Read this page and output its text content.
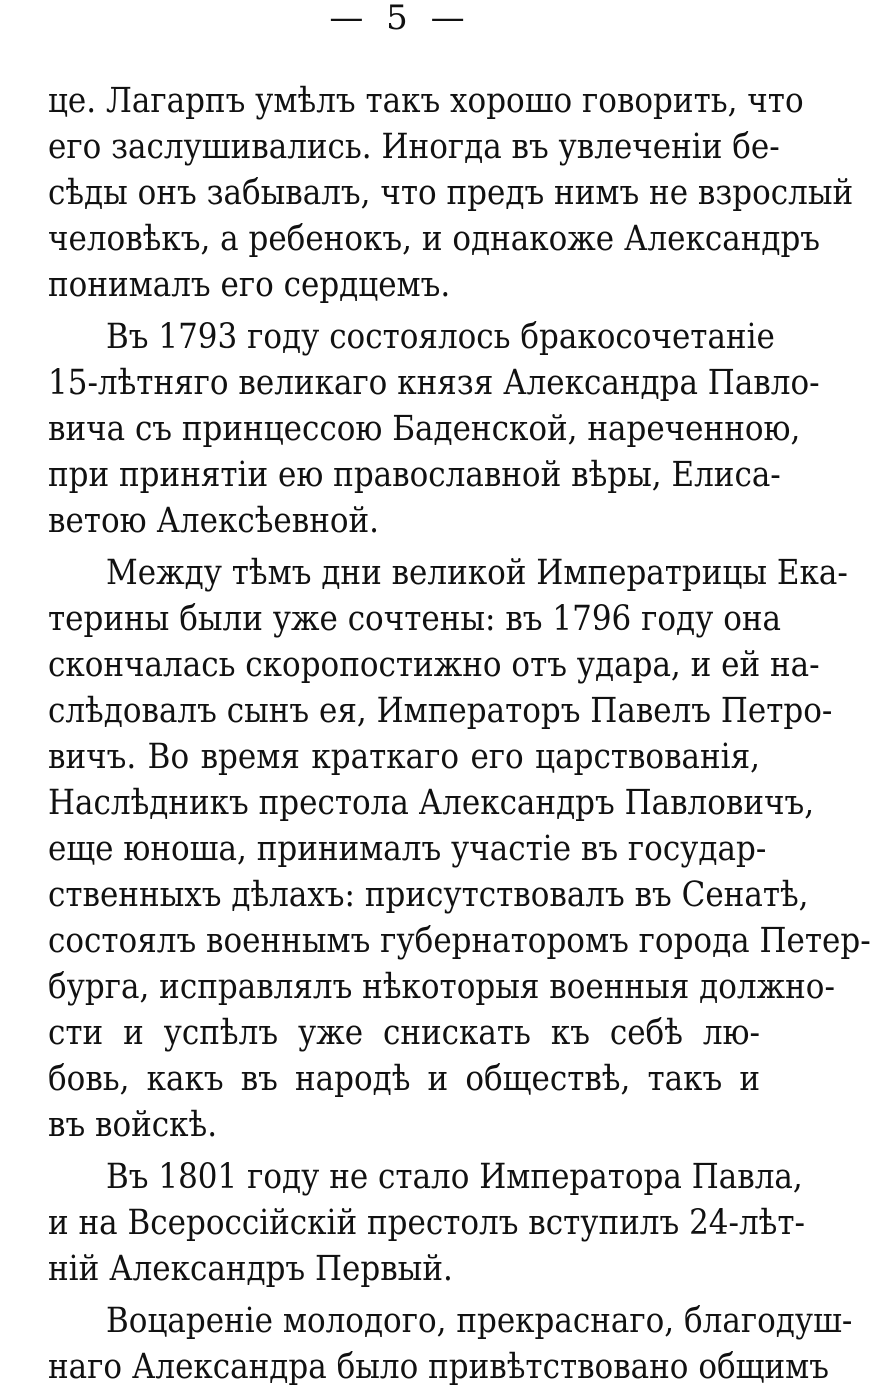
— 5 —
це. Лагарпъ умѣлъ такъ хорошо говорить, что
его заслушивались. Иногда въ увлеченіи бе-
сѣды онъ забывалъ, что предъ нимъ не взрослый
человѣкъ, а ребенокъ, и однакоже Александръ
понималъ его сердцемъ.
Въ 1793 году состоялось бракосочетаніе
15-лѣтняго великаго князя Александра Павло-
вича съ принцессою Баденской, нареченною,
при принятіи ею православной вѣры, Елиса-
ветою Алексѣевной.
Между тѣмъ дни великой Императрицы Ека-
терины были уже сочтены: въ 1796 году она
скончалась скоропостижно отъ удара, и ей на-
слѣдовалъ сынъ ея, Императоръ Павелъ Петро-
вичъ. Во время краткаго его царствованія,
Наслѣдникъ престола Александръ Павловичъ,
еще юноша, принималъ участіе въ государ-
ственныхъ дѣлахъ: присутствовалъ въ Сенатѣ,
состоялъ военнымъ губернаторомъ города Петер-
бурга, исправлялъ нѣкоторыя военныя должно-
сти и успѣлъ уже снискать къ себѣ лю-
бовь, какъ въ народѣ и обществѣ, такъ и
въ войскѣ.
Въ 1801 году не стало Императора Павла,
и на Всероссійскій престолъ вступилъ 24-лѣт-
ній Александръ Первый.
Воцареніе молодого, прекраснаго, благодуш-
наго Александра было привѣтствовано общимъ
